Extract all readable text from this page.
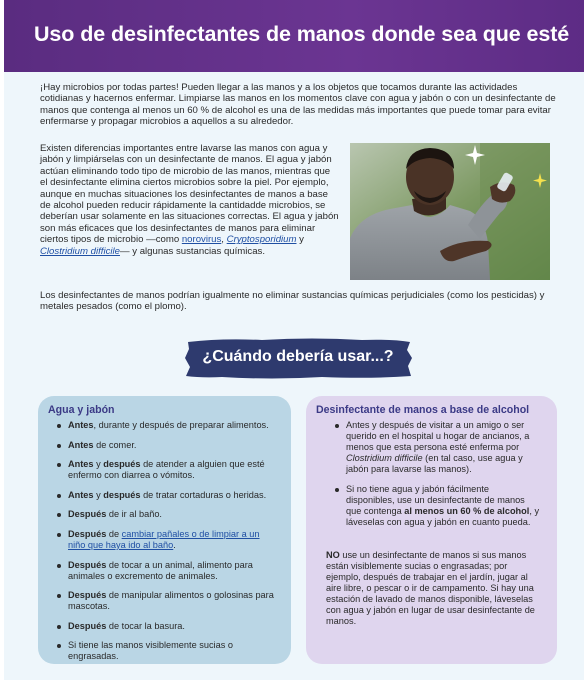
Uso de desinfectantes de manos donde sea que esté

¡Hay microbios por todas partes! Pueden llegar a las manos y a los objetos que tocamos durante las actividades cotidianas y hacernos enfermar. Limpiarse las manos en los momentos clave con agua y jabón o con un desinfectante de manos que contenga al menos un 60 % de alcohol es una de las medidas más importantes que puede tomar para evitar enfermarse y propagar microbios a aquellos a su alrededor.

Existen diferencias importantes entre lavarse las manos con agua y jabón y limpiárselas con un desinfectante de manos. El agua y jabón actúan eliminando todo tipo de microbio de las manos, mientras que el desinfectante elimina ciertos microbios sobre la piel. Por ejemplo, aunque en muchas situaciones los desinfectantes de manos a base de alcohol pueden reducir rápidamente la cantidadde microbios, se deberían usar solamente en las situaciones correctas. El agua y jabón son más eficaces que los desinfectantes de manos para eliminar ciertos tipos de microbio —como norovirus, Cryptosporidium y Clostridium difficile— y algunas sustancias químicas.

Los desinfectantes de manos podrían igualmente no eliminar sustancias químicas perjudiciales (como los pesticidas) y metales pesados (como el plomo).

¿Cuándo debería usar...?
Agua y jabón
Antes, durante y después de preparar alimentos.
Antes de comer.
Antes y después de atender a alguien que esté enfermo con diarrea o vómitos.
Antes y después de tratar cortaduras o heridas.
Después de ir al baño.
Después de cambiar pañales o de limpiar a un niño que haya ido al baño.
Después de tocar a un animal, alimento para animales o excremento de animales.
Después de manipular alimentos o golosinas para mascotas.
Después de tocar la basura.
Si tiene las manos visiblemente sucias o engrasadas.
Desinfectante de manos a base de alcohol
Antes y después de visitar a un amigo o ser querido en el hospital u hogar de ancianos, a menos que esta persona esté enferma por Clostridium difficile (en tal caso, use agua y jabón para lavarse las manos).
Si no tiene agua y jabón fácilmente disponibles, use un desinfectante de manos que contenga al menos un 60 % de alcohol, y láveselas con agua y jabón en cuanto pueda.

NO use un desinfectante de manos si sus manos están visiblemente sucias o engrasadas; por ejemplo, después de trabajar en el jardín, jugar al aire libre, o pescar o ir de campamento. Si hay una estación de lavado de manos disponible, láveselas con agua y jabón en lugar de usar desinfectante de manos.
